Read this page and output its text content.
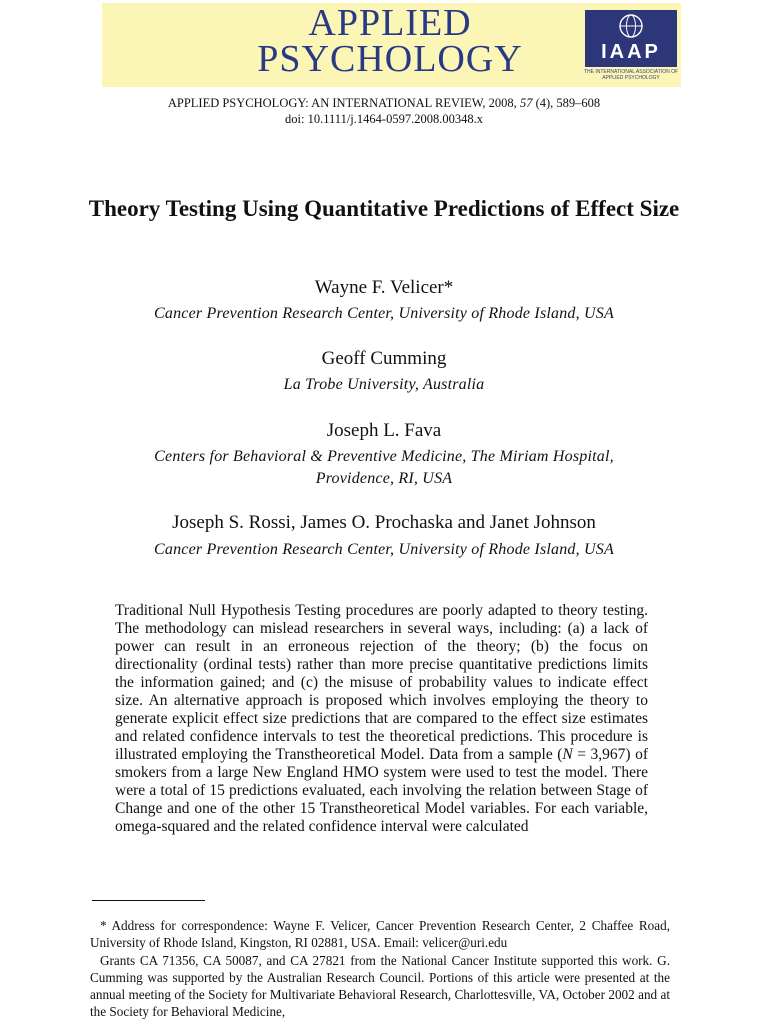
APPLIED
PSYCHOLOGY	IAAP
THE INTERNATIONAL ASSOCIATION OF APPLIED PSYCHOLOGY
APPLIED PSYCHOLOGY: AN INTERNATIONAL REVIEW, 2008, 57 (4), 589–608
doi: 10.1111/j.1464-0597.2008.00348.x
Theory Testing Using Quantitative Predictions of Effect Size
Wayne F. Velicer*
Cancer Prevention Research Center, University of Rhode Island, USA
Geoff Cumming
La Trobe University, Australia
Joseph L. Fava
Centers for Behavioral & Preventive Medicine, The Miriam Hospital,
Providence, RI, USA
Joseph S. Rossi, James O. Prochaska and Janet Johnson
Cancer Prevention Research Center, University of Rhode Island, USA

Traditional Null Hypothesis Testing procedures are poorly adapted to theory testing. The methodology can mislead researchers in several ways, including: (a) a lack of power can result in an erroneous rejection of the theory; (b) the focus on directionality (ordinal tests) rather than more precise quantitative predictions limits the information gained; and (c) the misuse of probability values to indicate effect size. An alternative approach is proposed which involves employing the theory to generate explicit effect size predictions that are compared to the effect size estimates and related confidence intervals to test the theoretical predictions. This procedure is illustrated employing the Transtheoretical Model. Data from a sample (N = 3,967) of smokers from a large New England HMO system were used to test the model. There were a total of 15 predictions evaluated, each involving the relation between Stage of Change and one of the other 15 Transtheoretical Model variables. For each variable, omega-squared and the related confidence interval were calculated

* Address for correspondence: Wayne F. Velicer, Cancer Prevention Research Center, 2 Chaffee Road, University of Rhode Island, Kingston, RI 02881, USA. Email: velicer@uri.edu
Grants CA 71356, CA 50087, and CA 27821 from the National Cancer Institute supported this work. G. Cumming was supported by the Australian Research Council. Portions of this article were presented at the annual meeting of the Society for Multivariate Behavioral Research, Charlottesville, VA, October 2002 and at the Society for Behavioral Medicine,
